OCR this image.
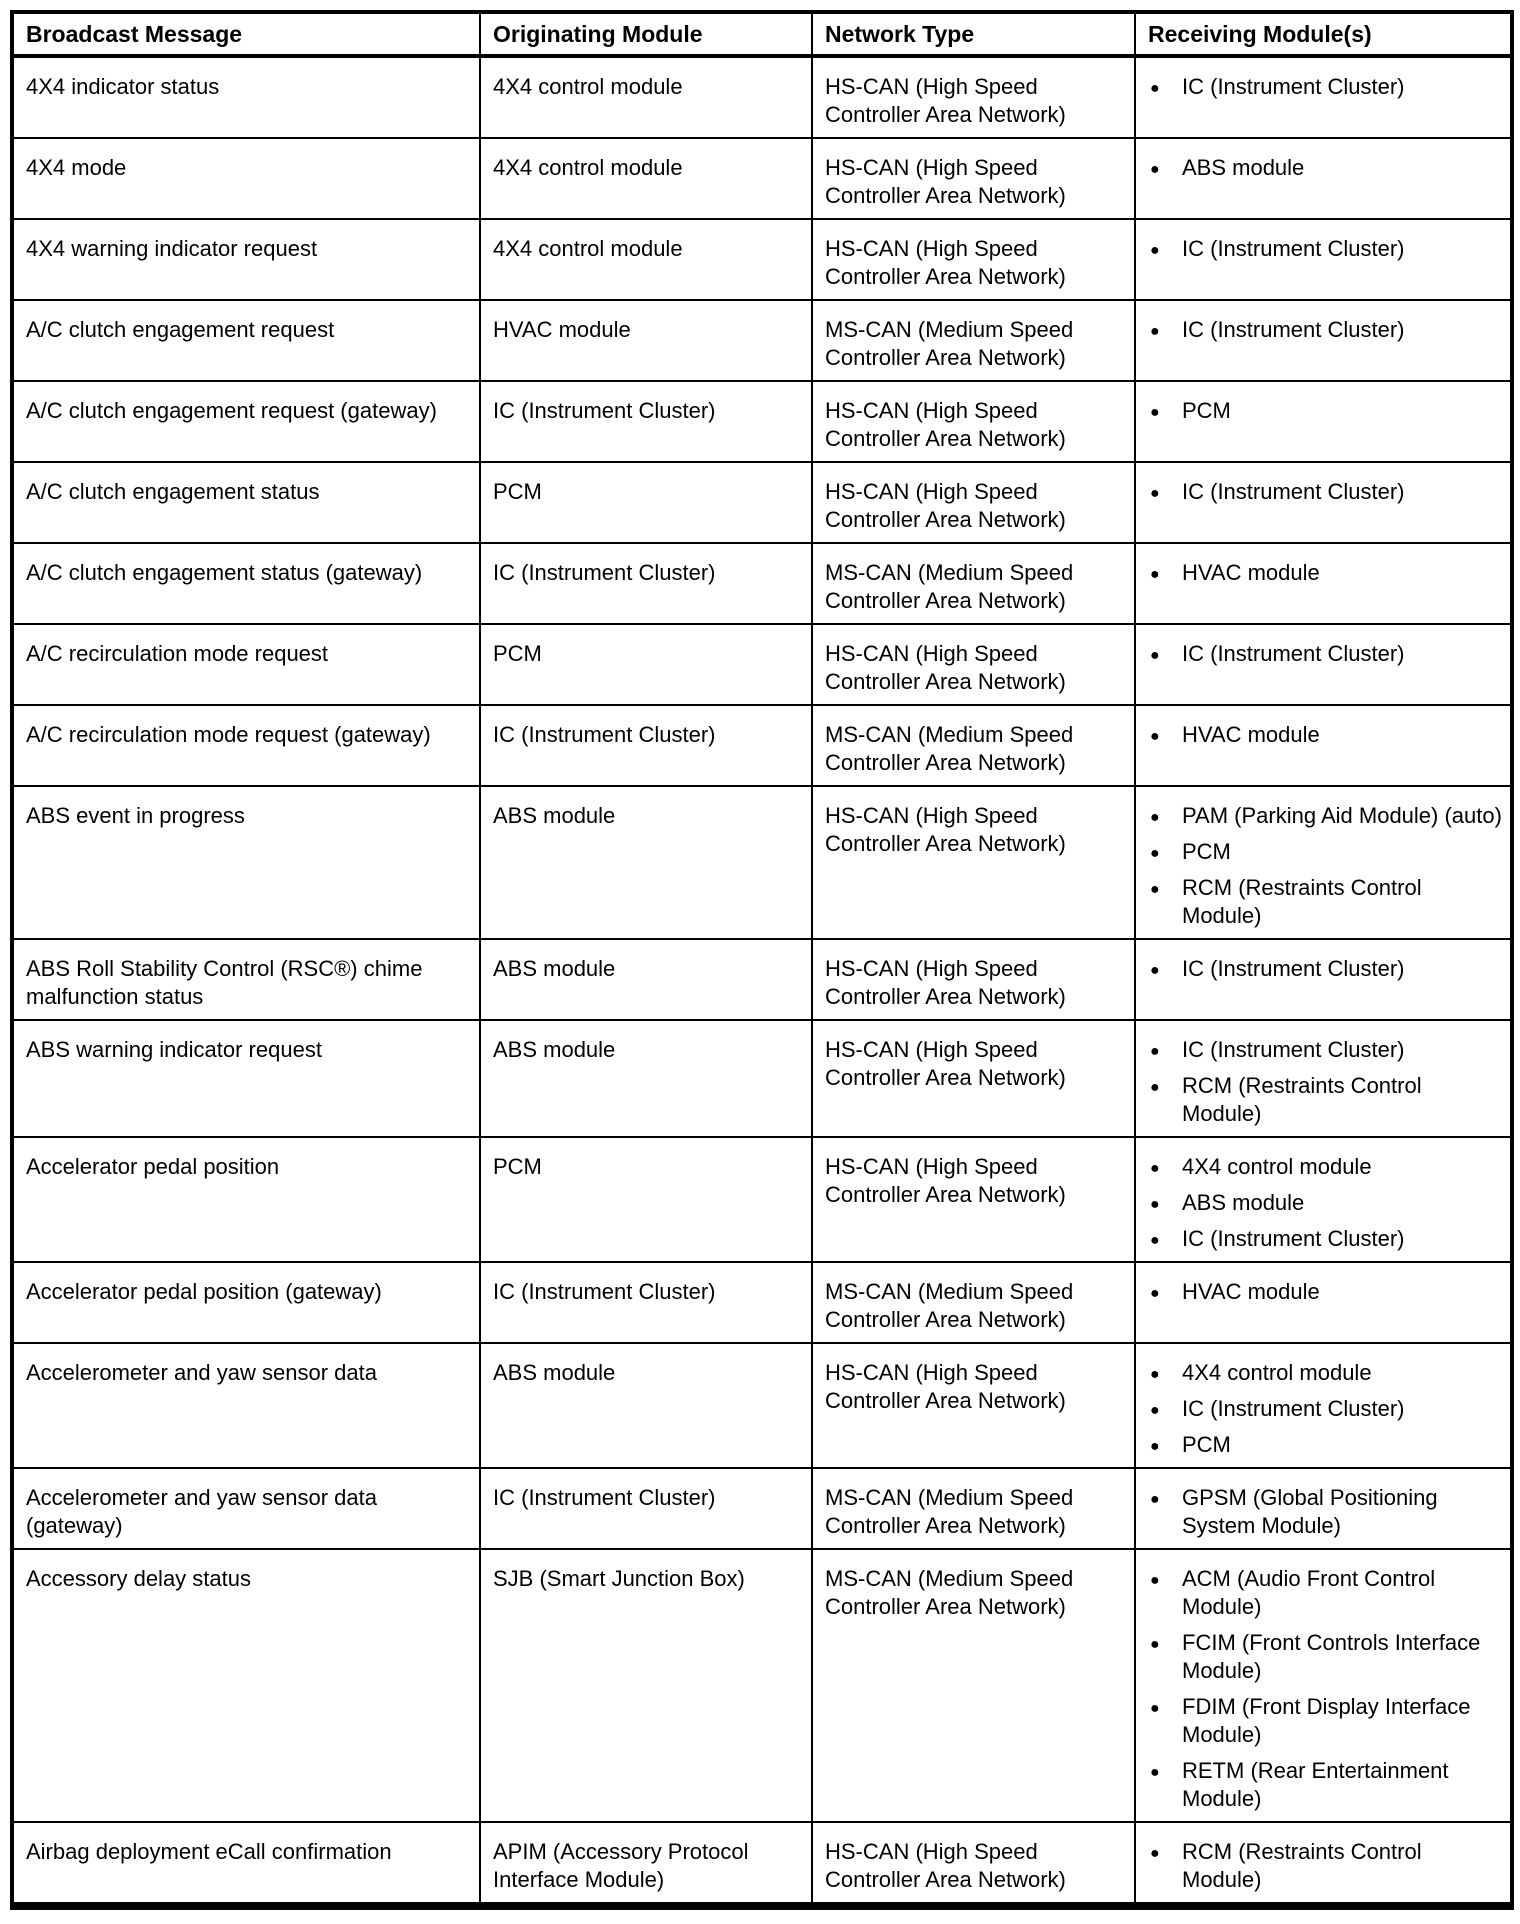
Broadcast Message	Originating Module	Network Type	Receiving Module(s)
4X4 indicator status	4X4 control module	HS-CAN (High Speed Controller Area Network)	
● IC (Instrument Cluster)

4X4 mode	4X4 control module	HS-CAN (High Speed Controller Area Network)	
● ABS module

4X4 warning indicator request	4X4 control module	HS-CAN (High Speed Controller Area Network)	
● IC (Instrument Cluster)

A/C clutch engagement request	HVAC module	MS-CAN (Medium Speed Controller Area Network)	
● IC (Instrument Cluster)

A/C clutch engagement request (gateway)	IC (Instrument Cluster)	HS-CAN (High Speed Controller Area Network)	
● PCM

A/C clutch engagement status	PCM	HS-CAN (High Speed Controller Area Network)	
● IC (Instrument Cluster)

A/C clutch engagement status (gateway)	IC (Instrument Cluster)	MS-CAN (Medium Speed Controller Area Network)	
● HVAC module

A/C recirculation mode request	PCM	HS-CAN (High Speed Controller Area Network)	
● IC (Instrument Cluster)

A/C recirculation mode request (gateway)	IC (Instrument Cluster)	MS-CAN (Medium Speed Controller Area Network)	
● HVAC module

ABS event in progress	ABS module	HS-CAN (High Speed Controller Area Network)	
● PAM (Parking Aid Module) (auto)
● PCM
● RCM (Restraints Control Module)

ABS Roll Stability Control (RSC®) chime malfunction status	ABS module	HS-CAN (High Speed Controller Area Network)	
● IC (Instrument Cluster)

ABS warning indicator request	ABS module	HS-CAN (High Speed Controller Area Network)	
● IC (Instrument Cluster)
● RCM (Restraints Control Module)

Accelerator pedal position	PCM	HS-CAN (High Speed Controller Area Network)	
● 4X4 control module
● ABS module
● IC (Instrument Cluster)

Accelerator pedal position (gateway)	IC (Instrument Cluster)	MS-CAN (Medium Speed Controller Area Network)	
● HVAC module

Accelerometer and yaw sensor data	ABS module	HS-CAN (High Speed Controller Area Network)	
● 4X4 control module
● IC (Instrument Cluster)
● PCM

Accelerometer and yaw sensor data (gateway)	IC (Instrument Cluster)	MS-CAN (Medium Speed Controller Area Network)	
● GPSM (Global Positioning System Module)

Accessory delay status	SJB (Smart Junction Box)	MS-CAN (Medium Speed Controller Area Network)	
● ACM (Audio Front Control Module)
● FCIM (Front Controls Interface Module)
● FDIM (Front Display Interface Module)
● RETM (Rear Entertainment Module)

Airbag deployment eCall confirmation	APIM (Accessory Protocol Interface Module)	HS-CAN (High Speed Controller Area Network)	
● RCM (Restraints Control Module)
